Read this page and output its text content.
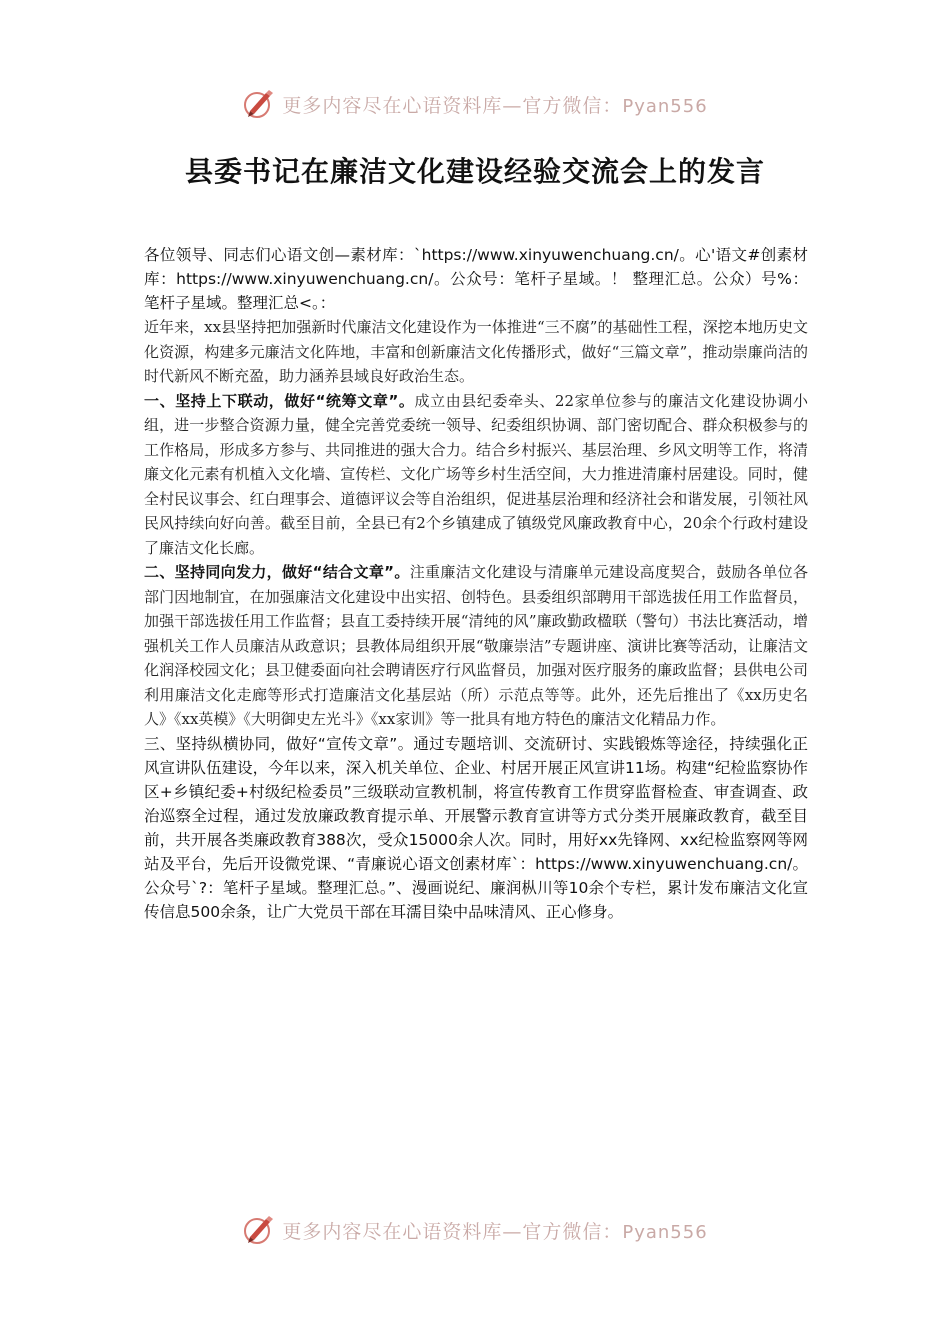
更多内容尽在心语资料库—官方微信：Pyan556
县委书记在廉洁文化建设经验交流会上的发言

各位领导、同志们心语文创—素材库：`https://www.xinyuwenchuang.cn/。心'语文#创素材库：https://www.xinyuwenchuang.cn/。公众号：笔杆子星域。！ 整理汇总。公众）号%：笔杆子星域。整理汇总<。：

近年来，xx县坚持把加强新时代廉洁文化建设作为一体推进“三不腐”的基础性工程，深挖本地历史文化资源，构建多元廉洁文化阵地，丰富和创新廉洁文化传播形式，做好“三篇文章”，推动崇廉尚洁的时代新风不断充盈，助力涵养县域良好政治生态。

一、坚持上下联动，做好“统筹文章”。成立由县纪委牵头、22家单位参与的廉洁文化建设协调小组，进一步整合资源力量，健全完善党委统一领导、纪委组织协调、部门密切配合、群众积极参与的工作格局，形成多方参与、共同推进的强大合力。结合乡村振兴、基层治理、乡风文明等工作，将清廉文化元素有机植入文化墙、宣传栏、文化广场等乡村生活空间，大力推进清廉村居建设。同时，健全村民议事会、红白理事会、道德评议会等自治组织，促进基层治理和经济社会和谐发展，引领社风民风持续向好向善。截至目前，全县已有2个乡镇建成了镇级党风廉政教育中心，20余个行政村建设了廉洁文化长廊。

二、坚持同向发力，做好“结合文章”。注重廉洁文化建设与清廉单元建设高度契合，鼓励各单位各部门因地制宜，在加强廉洁文化建设中出实招、创特色。县委组织部聘用干部选拔任用工作监督员，加强干部选拔任用工作监督；县直工委持续开展“清纯的风”廉政勤政楹联（警句）书法比赛活动，增强机关工作人员廉洁从政意识；县教体局组织开展“敬廉崇洁”专题讲座、演讲比赛等活动，让廉洁文化润泽校园文化；县卫健委面向社会聘请医疗行风监督员，加强对医疗服务的廉政监督；县供电公司利用廉洁文化走廊等形式打造廉洁文化基层站（所）示范点等等。此外，还先后推出了《xx历史名人》《xx英模》《大明御史左光斗》《xx家训》等一批具有地方特色的廉洁文化精品力作。

三、坚持纵横协同，做好“宣传文章”。通过专题培训、交流研讨、实践锻炼等途径，持续强化正风宣讲队伍建设，今年以来，深入机关单位、企业、村居开展正风宣讲11场。构建“纪检监察协作区+乡镇纪委+村级纪检委员”三级联动宣教机制，将宣传教育工作贯穿监督检查、审查调查、政治巡察全过程，通过发放廉政教育提示单、开展警示教育宣讲等方式分类开展廉政教育，截至目前，共开展各类廉政教育388次，受众15000余人次。同时，用好xx先锋网、xx纪检监察网等网站及平台，先后开设微党课、“青廉说心语文创素材库`：https://www.xinyuwenchuang.cn/。公众号`?：笔杆子星域。整理汇总。”、漫画说纪、廉润枞川等10余个专栏，累计发布廉洁文化宣传信息500余条，让广大党员干部在耳濡目染中品味清风、正心修身。

更多内容尽在心语资料库—官方微信：Pyan556
